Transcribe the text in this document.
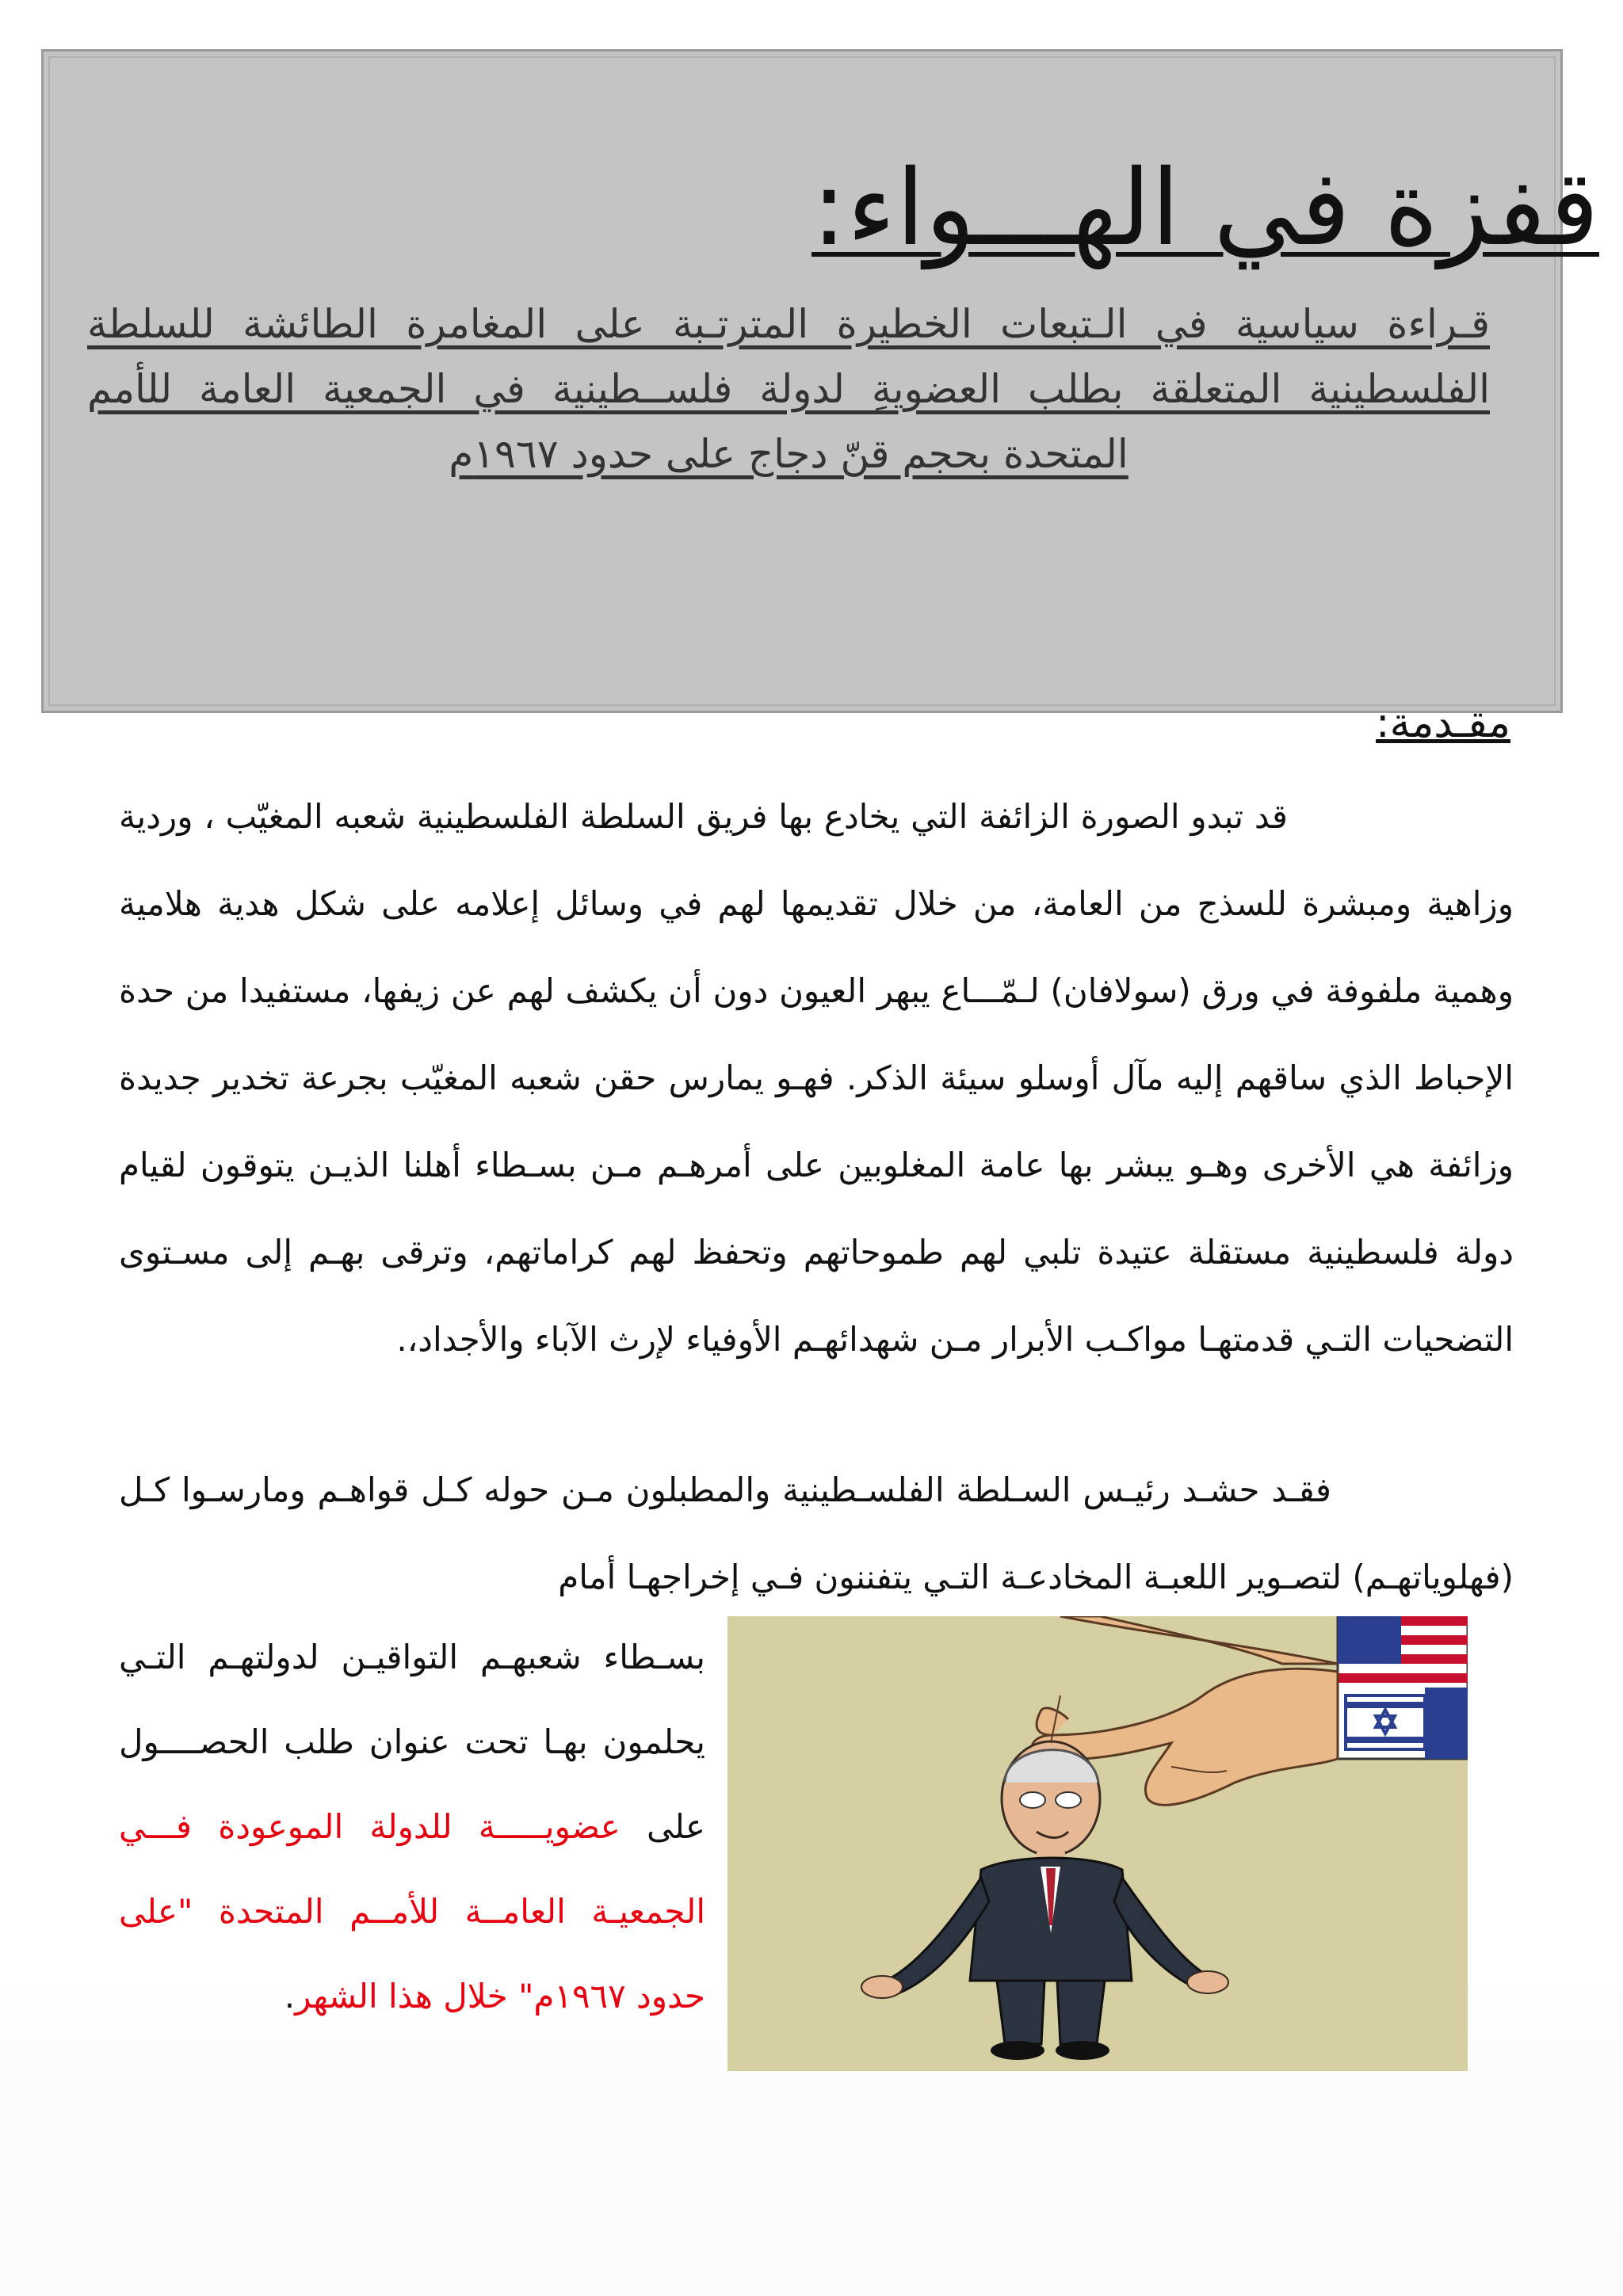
قفزة في الهـــواء:
قـراءة سياسية في الـتبعات الخطيرة المترتـبة على المغامرة الطائشة للسلطة الفلسطينية المتعلقة بطلب العضويةِ لدولة فلســطينية في الجمعية العامة للأمم المتحدة بحجم قنّ دجاج على حدود ١٩٦٧م
مقـدمة:
قد تبدو الصورة الزائفة التي يخادع بها فريق السلطة الفلسطينية شعبه المغيّب ، وردية وزاهية ومبشرة للسذج من العامة، من خلال تقديمها لهم في وسائل إعلامه على شكل هدية هلامية وهمية ملفوفة في ورق (سولافان) لـمّـــاع يبهر العيون دون أن يكشف لهم عن زيفها، مستفيدا من حدة الإحباط الذي ساقهم إليه مآل أوسلو سيئة الذكر. فهـو يمارس حقن شعبه المغيّب بجرعة تخدير جديدة وزائفة هي الأخرى وهـو يبشر بها عامة المغلوبين على أمرهـم مـن بسـطاء أهلنا الذيـن يتوقون لقيام دولة فلسطينية مستقلة عتيدة تلبي لهم طموحاتهم وتحفظ لهم كراماتهم، وترقى بهـم إلى مسـتوى التضحيات التـي قدمتهـا مواكـب الأبرار مـن شهدائهـم الأوفياء لإرث الآباء والأجداد،.
فقـد حشـد رئيـس السـلطة الفلسـطينية والمطبلون مـن حوله كـل قواهـم ومارسـوا كـل (فهلوياتهـم) لتصـوير اللعبـة المخادعـة التـي يتفننون فـي إخراجهـا أمام
بسـطاء شعبهـم التواقيـن لدولتهـم التـي يحلمون بهـا تحت عنوان طلب الحصــــول على عضويـــــة للدولة الموعودة فـــي الجمعيـة العامــة للأمــم المتحدة "على حدود ١٩٦٧م" خلال هذا الشهر.
